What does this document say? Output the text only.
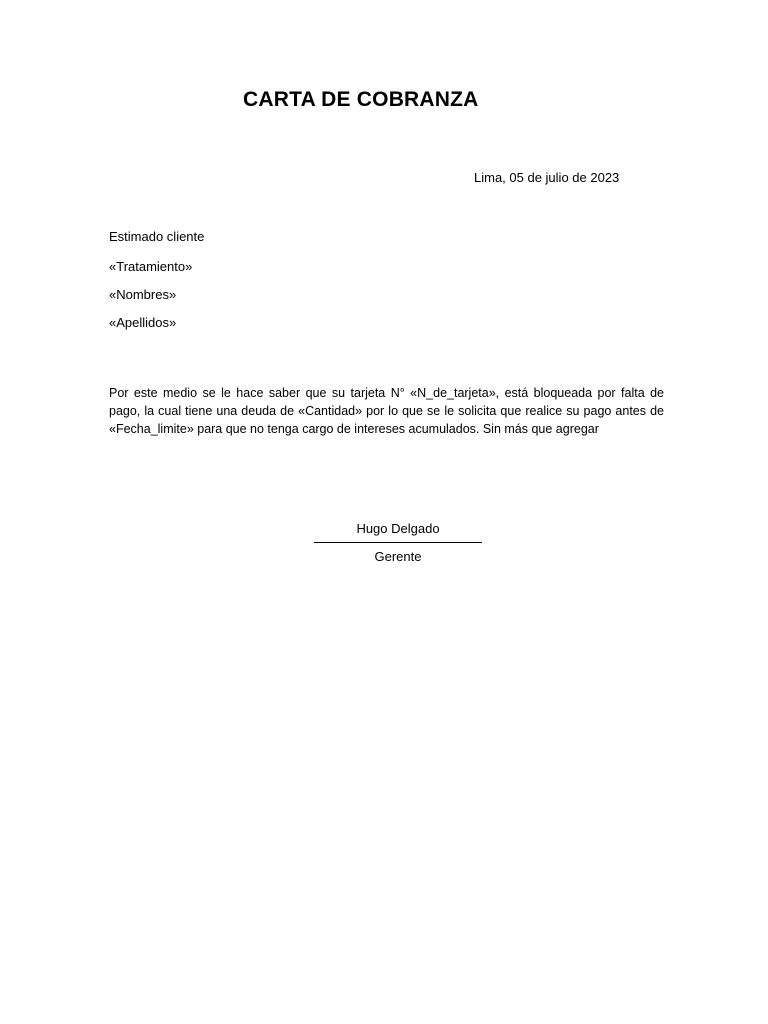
CARTA DE COBRANZA
Lima, 05 de julio de 2023
Estimado cliente
«Tratamiento»
«Nombres»
«Apellidos»
Por este medio se le hace saber que su tarjeta N° «N_de_tarjeta», está bloqueada por falta de pago, la cual tiene una deuda de «Cantidad» por lo que se le solicita que realice su pago antes de «Fecha_limite» para que no tenga cargo de intereses acumulados. Sin más que agregar
Hugo Delgado
Gerente
